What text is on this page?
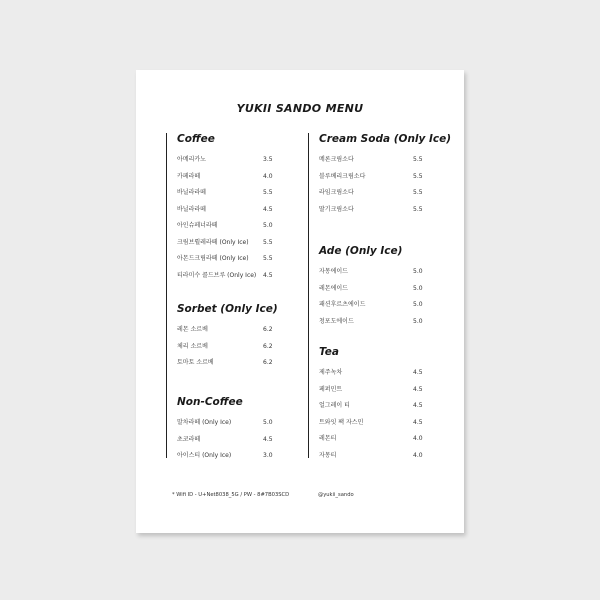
YUKII SANDO MENU
Coffee
아메리카노	3.5
카페라떼	4.0
바닐라라떼	5.5
바닐라라떼	4.5
아인슈페너라떼	5.0
크림브륄레라떼 (Only Ice) 5.5
아몬드크림라떼 (Only Ice) 5.5
티라미수 콜드브루 (Only Ice) 4.5
Sorbet (Only Ice)
레몬 소르베	6.2
체리 소르베	6.2
토마토 소르베	6.2
Non-Coffee
말차라떼 (Only Ice)	5.0
초코라떼	4.5
아이스티 (Only Ice)	3.0
Cream Soda (Only Ice)
메론크림소다	5.5
블루베리크림소다	5.5
라임크림소다	5.5
딸기크림소다	5.5
Ade (Only Ice)
자몽에이드	5.0
레몬에이드	5.0
패션후르츠에이드	5.0
청포도에이드	5.0
Tea
제주녹차	4.5
페퍼민트	4.5
얼그레이 티	4.5
트와잇 팩 자스민	4.5
레몬티	4.0
자몽티	4.0
* Wifi ID - U+Net8038_5G / PW - 8#7B03SCD	@yukii_sando
